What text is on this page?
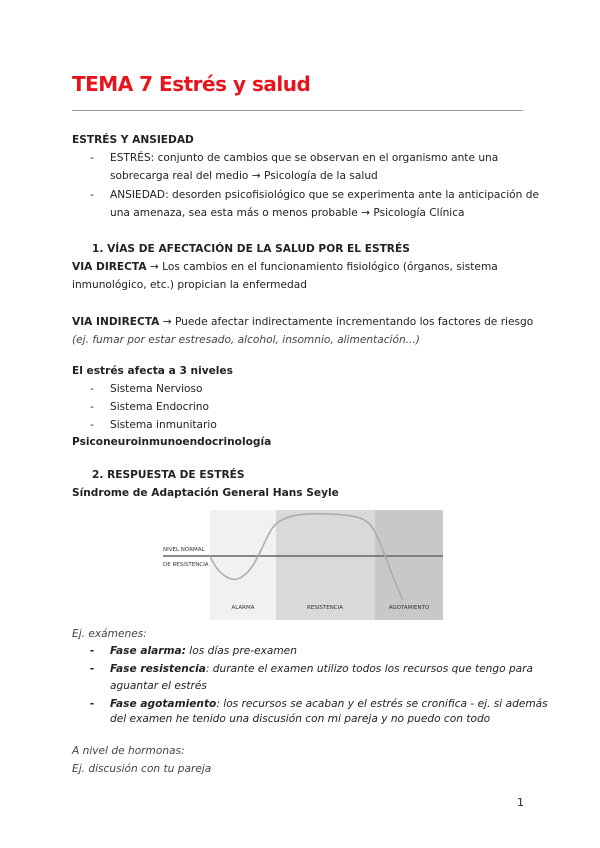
TEMA 7 Estrés y salud
ESTRÉS Y ANSIEDAD
- ESTRÉS: conjunto de cambios que se observan en el organismo ante una
sobrecarga real del medio → Psicología de la salud
- ANSIEDAD: desorden psicofisiológico que se experimenta ante la anticipación de
una amenaza, sea esta más o menos probable → Psicología Clínica
1. VÍAS DE AFECTACIÓN DE LA SALUD POR EL ESTRÉS
VIA DIRECTA → Los cambios en el funcionamiento fisiológico (órganos, sistema
inmunológico, etc.) propician la enfermedad
VIA INDIRECTA → Puede afectar indirectamente incrementando los factores de riesgo
(ej. fumar por estar estresado, alcohol, insomnio, alimentación...)
El estrés afecta a 3 niveles
- Sistema Nervioso
- Sistema Endocrino
- Sistema inmunitario
Psiconeuroinmunoendocrinología
2. RESPUESTA DE ESTRÉS
Síndrome de Adaptación General Hans Seyle
NIVEL NORMAL
DE RESISTENCIA
ALARMA	RESISTENCIA	AGOTAMIENTO
Ej. exámenes:
- Fase alarma: los días pre-examen
- Fase resistencia: durante el examen utilizo todos los recursos que tengo para
aguantar el estrés
- Fase agotamiento: los recursos se acaban y el estrés se cronifica - ej. si además
del examen he tenido una discusión con mi pareja y no puedo con todo
A nivel de hormonas:
Ej. discusión con tu pareja
1
